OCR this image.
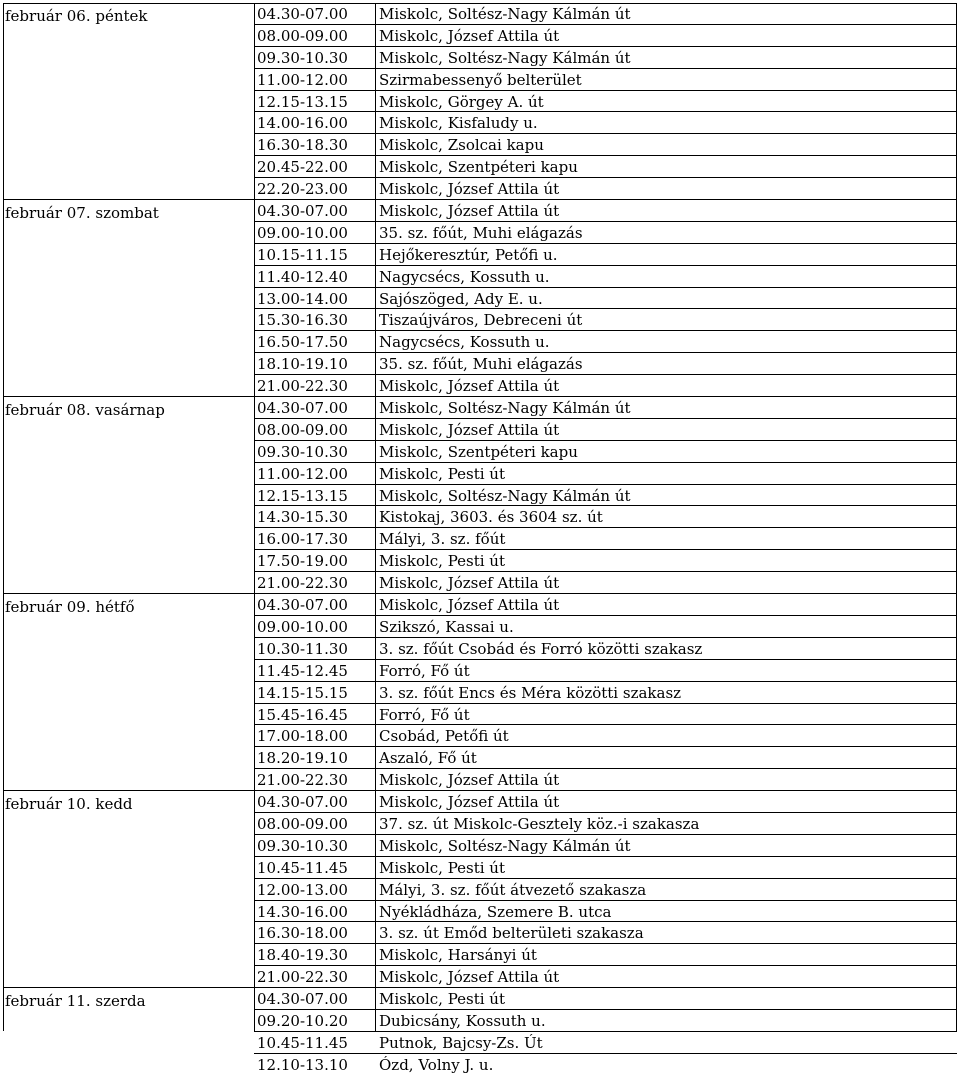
február 06. péntek	04.30-07.00 Miskolc, Soltész-Nagy Kálmán út
08.00-09.00 Miskolc, József Attila út
09.30-10.30 Miskolc, Soltész-Nagy Kálmán út
11.00-12.00 Szirmabessenyő belterület
12.15-13.15 Miskolc, Görgey A. út
14.00-16.00 Miskolc, Kisfaludy u.
16.30-18.30 Miskolc, Zsolcai kapu
20.45-22.00 Miskolc, Szentpéteri kapu
22.20-23.00 Miskolc, József Attila út
február 07. szombat	04.30-07.00 Miskolc, József Attila út
09.00-10.00 35. sz. főút, Muhi elágazás
10.15-11.15 Hejőkeresztúr, Petőfi u.
11.40-12.40 Nagycsécs, Kossuth u.
13.00-14.00 Sajószöged, Ady E. u.
15.30-16.30 Tiszaújváros, Debreceni út
16.50-17.50 Nagycsécs, Kossuth u.
18.10-19.10 35. sz. főút, Muhi elágazás
21.00-22.30 Miskolc, József Attila út
február 08. vasárnap	04.30-07.00 Miskolc, Soltész-Nagy Kálmán út
08.00-09.00 Miskolc, József Attila út
09.30-10.30 Miskolc, Szentpéteri kapu
11.00-12.00 Miskolc, Pesti út
12.15-13.15 Miskolc, Soltész-Nagy Kálmán út
14.30-15.30 Kistokaj, 3603. és 3604 sz. út
16.00-17.30 Mályi, 3. sz. főút
17.50-19.00 Miskolc, Pesti út
21.00-22.30 Miskolc, József Attila út
február 09. hétfő	04.30-07.00 Miskolc, József Attila út
09.00-10.00 Szikszó, Kassai u.
10.30-11.30 3. sz. főút Csobád és Forró közötti szakasz
11.45-12.45 Forró, Fő út
14.15-15.15 3. sz. főút Encs és Méra közötti szakasz
15.45-16.45 Forró, Fő út
17.00-18.00 Csobád, Petőfi út
18.20-19.10 Aszaló, Fő út
21.00-22.30 Miskolc, József Attila út
február 10. kedd	04.30-07.00 Miskolc, József Attila út
08.00-09.00 37. sz. út Miskolc-Gesztely köz.-i szakasza
09.30-10.30 Miskolc, Soltész-Nagy Kálmán út
10.45-11.45 Miskolc, Pesti út
12.00-13.00 Mályi, 3. sz. főút átvezető szakasza
14.30-16.00 Nyékládháza, Szemere B. utca
16.30-18.00 3. sz. út Emőd belterületi szakasza
18.40-19.30 Miskolc, Harsányi út
21.00-22.30 Miskolc, József Attila út
február 11. szerda	04.30-07.00 Miskolc, Pesti út
09.20-10.20 Dubicsány, Kossuth u.
10.45-11.45 Putnok, Bajcsy-Zs. Út
12.10-13.10 Ózd, Volny J. u.
